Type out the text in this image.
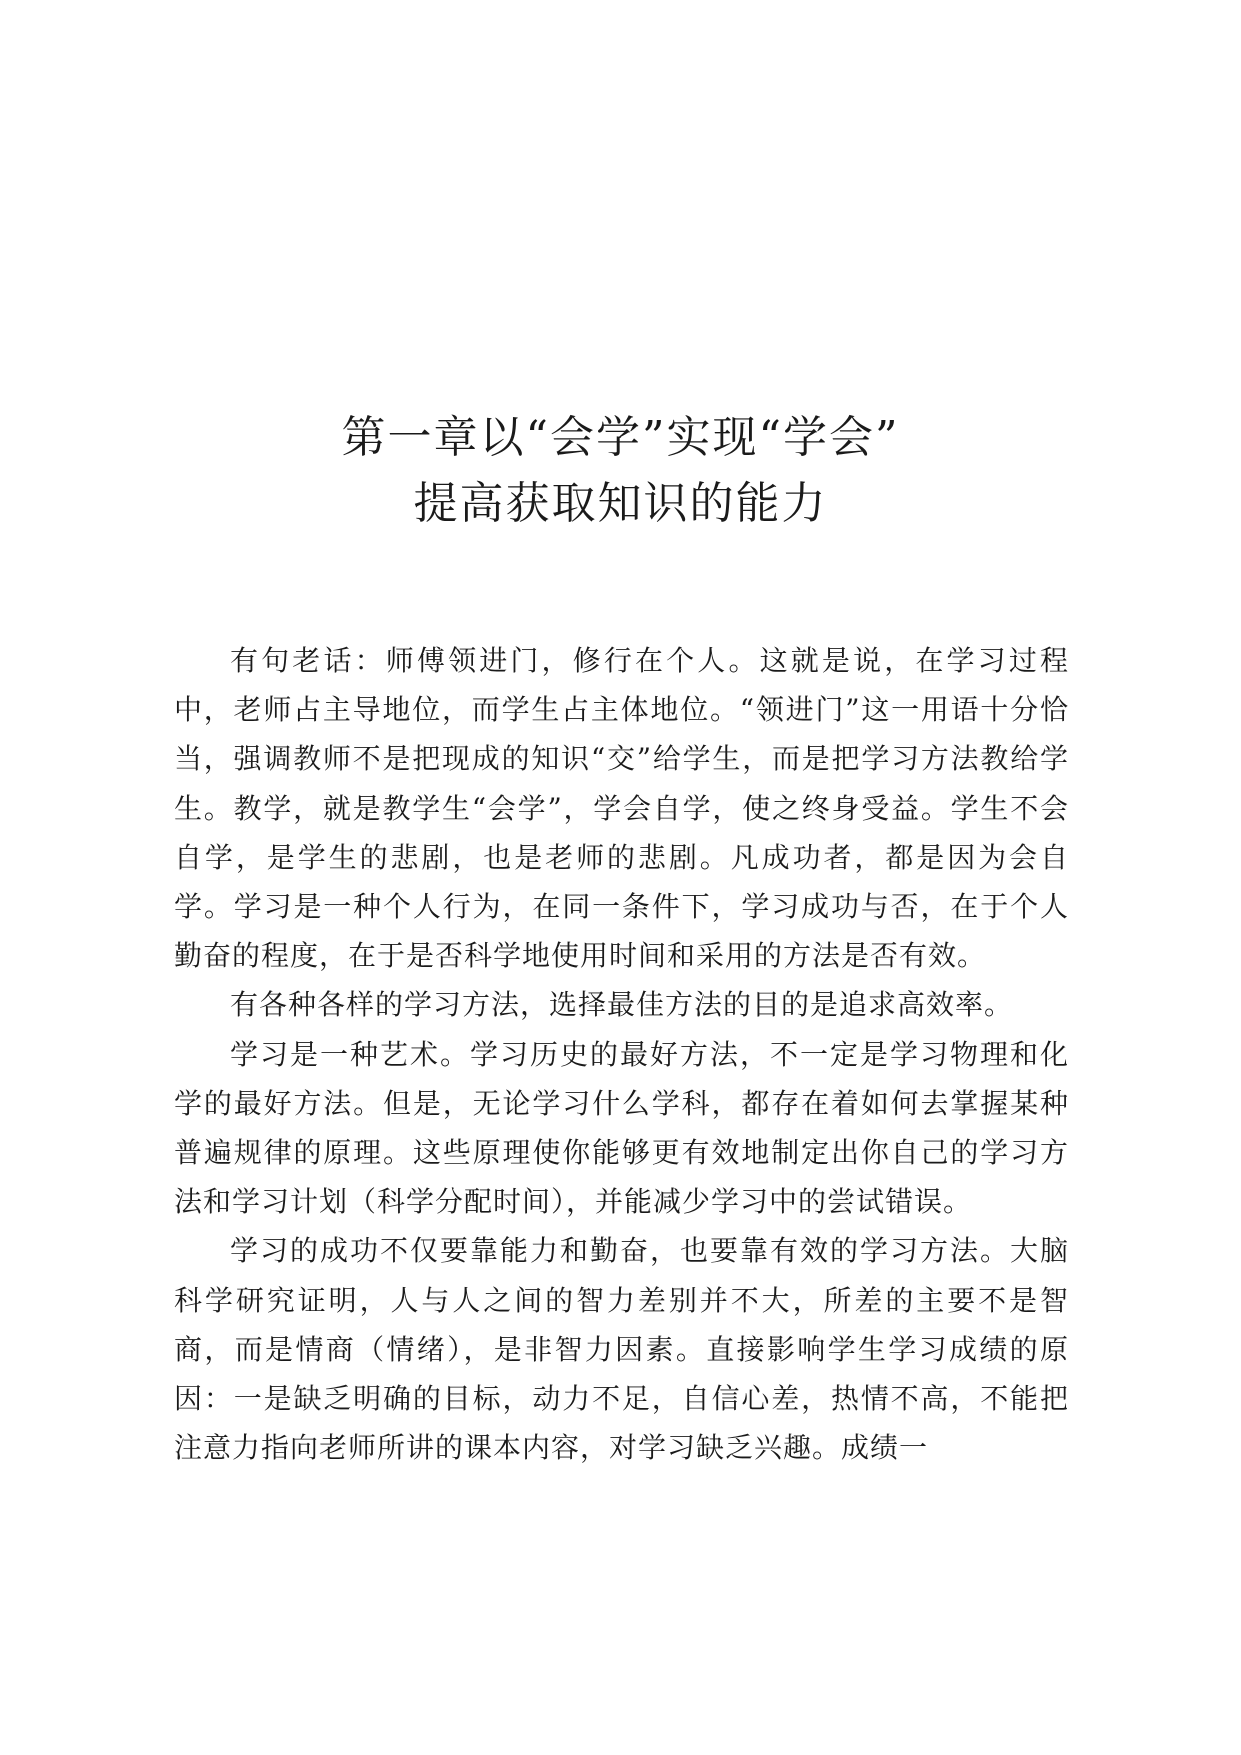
第一章以“会学”实现“学会”
提高获取知识的能力

有句老话：师傅领进门，修行在个人。这就是说，在学习过程中，老师占主导地位，而学生占主体地位。“领进门”这一用语十分恰当，强调教师不是把现成的知识“交”给学生，而是把学习方法教给学生。教学，就是教学生“会学”，学会自学，使之终身受益。学生不会自学，是学生的悲剧，也是老师的悲剧。凡成功者，都是因为会自学。学习是一种个人行为，在同一条件下，学习成功与否，在于个人勤奋的程度，在于是否科学地使用时间和采用的方法是否有效。

有各种各样的学习方法，选择最佳方法的目的是追求高效率。

学习是一种艺术。学习历史的最好方法，不一定是学习物理和化学的最好方法。但是，无论学习什么学科，都存在着如何去掌握某种普遍规律的原理。这些原理使你能够更有效地制定出你自己的学习方法和学习计划（科学分配时间），并能减少学习中的尝试错误。

学习的成功不仅要靠能力和勤奋，也要靠有效的学习方法。大脑科学研究证明，人与人之间的智力差别并不大，所差的主要不是智商，而是情商（情绪），是非智力因素。直接影响学生学习成绩的原因：一是缺乏明确的目标，动力不足，自信心差，热情不高，不能把注意力指向老师所讲的课本内容，对学习缺乏兴趣。成绩一
